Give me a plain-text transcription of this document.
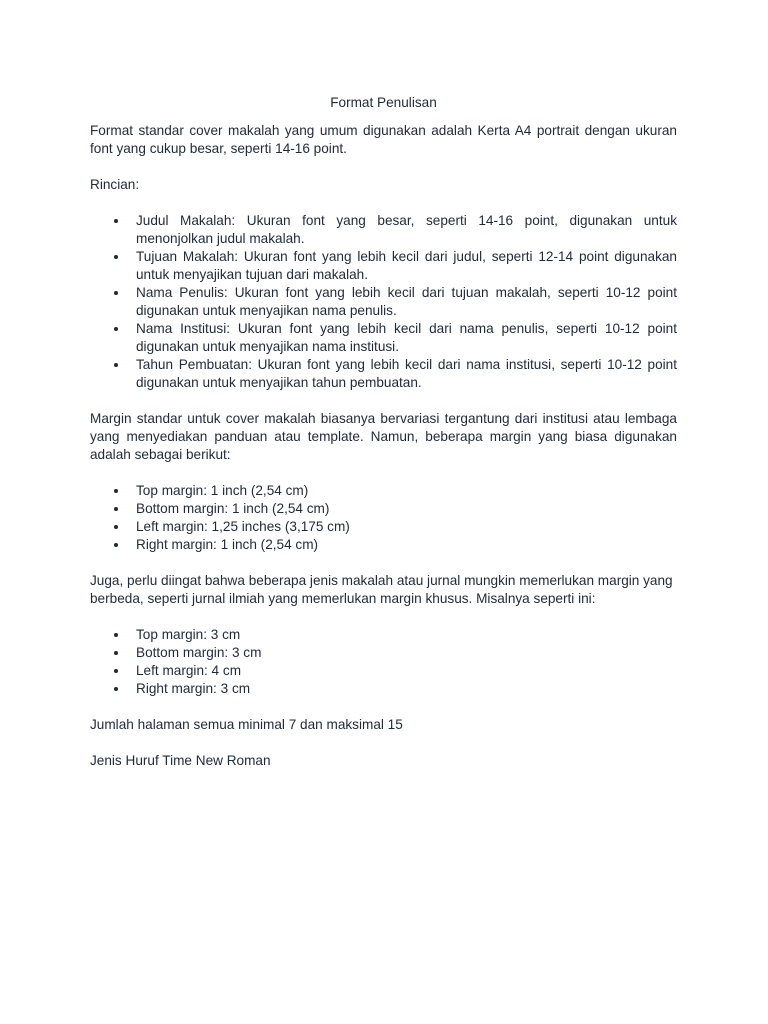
Format Penulisan

Format standar cover makalah yang umum digunakan adalah Kerta A4 portrait dengan ukuran font yang cukup besar, seperti 14-16 point.

Rincian:

Judul Makalah: Ukuran font yang besar, seperti 14-16 point, digunakan untuk menonjolkan judul makalah.
Tujuan Makalah: Ukuran font yang lebih kecil dari judul, seperti 12-14 point digunakan untuk menyajikan tujuan dari makalah.
Nama Penulis: Ukuran font yang lebih kecil dari tujuan makalah, seperti 10-12 point digunakan untuk menyajikan nama penulis.
Nama Institusi: Ukuran font yang lebih kecil dari nama penulis, seperti 10-12 point digunakan untuk menyajikan nama institusi.
Tahun Pembuatan: Ukuran font yang lebih kecil dari nama institusi, seperti 10-12 point digunakan untuk menyajikan tahun pembuatan.

Margin standar untuk cover makalah biasanya bervariasi tergantung dari institusi atau lembaga yang menyediakan panduan atau template. Namun, beberapa margin yang biasa digunakan adalah sebagai berikut:

Top margin: 1 inch (2,54 cm)
Bottom margin: 1 inch (2,54 cm)
Left margin: 1,25 inches (3,175 cm)
Right margin: 1 inch (2,54 cm)

Juga, perlu diingat bahwa beberapa jenis makalah atau jurnal mungkin memerlukan margin yang berbeda, seperti jurnal ilmiah yang memerlukan margin khusus. Misalnya seperti ini:

Top margin: 3 cm
Bottom margin: 3 cm
Left margin: 4 cm
Right margin: 3 cm

Jumlah halaman semua minimal 7 dan maksimal 15

Jenis Huruf Time New Roman
